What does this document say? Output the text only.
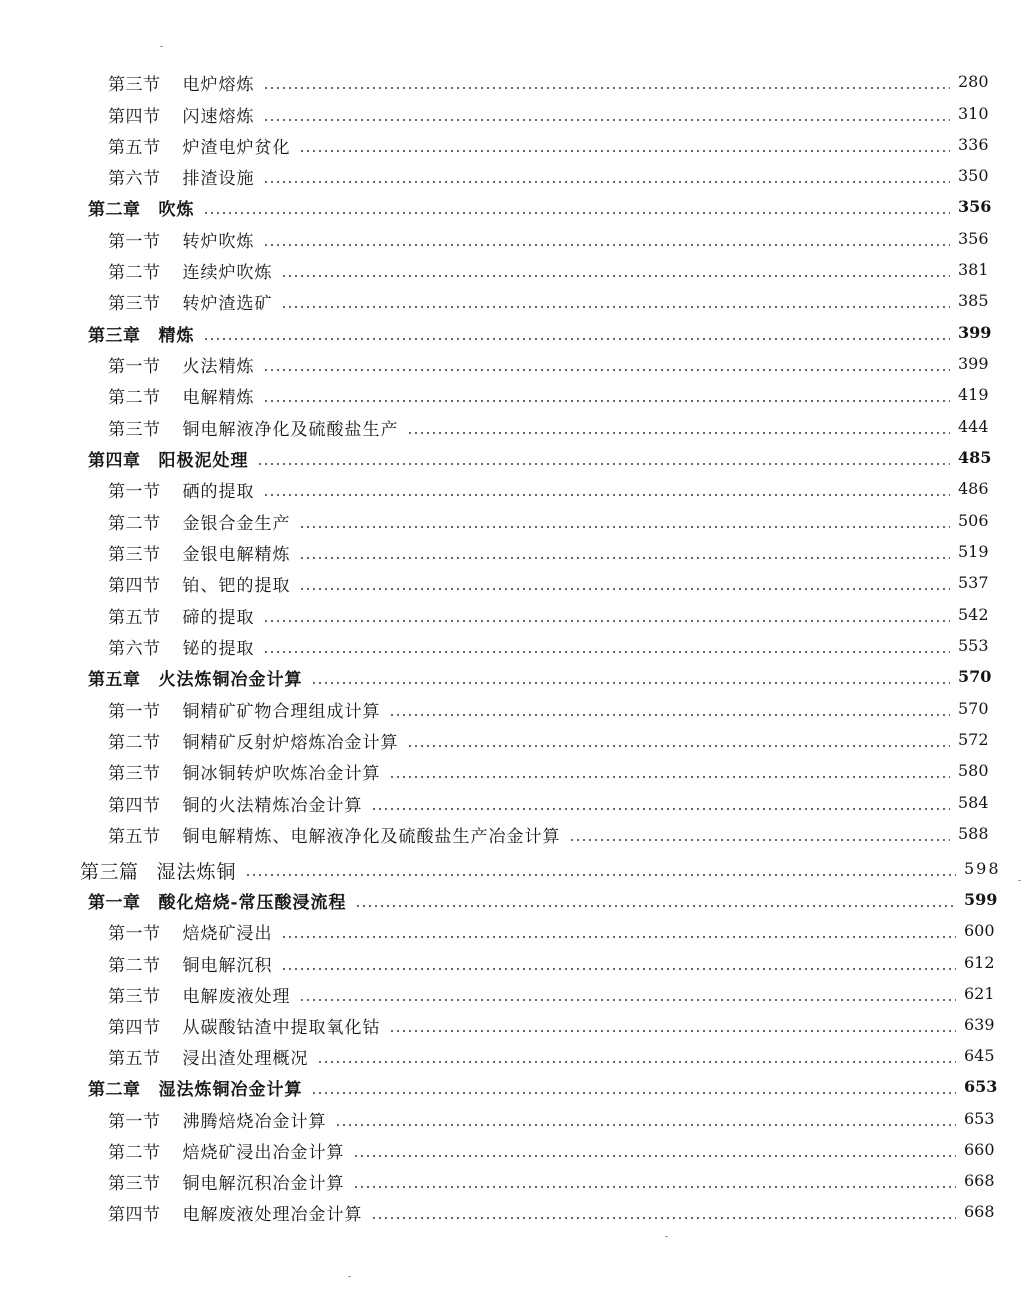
第三节 电炉熔炼	280
第四节 闪速熔炼	310
第五节 炉渣电炉贫化	336
第六节 排渣设施	350
第二章 吹炼	356
第一节 转炉吹炼	356
第二节 连续炉吹炼	381
第三节 转炉渣选矿	385
第三章 精炼	399
第一节 火法精炼	399
第二节 电解精炼	419
第三节 铜电解液净化及硫酸盐生产	444
第四章 阳极泥处理	485
第一节 硒的提取	486
第二节 金银合金生产	506
第三节 金银电解精炼	519
第四节 铂、钯的提取	537
第五节 碲的提取	542
第六节 铋的提取	553
第五章 火法炼铜冶金计算	570
第一节 铜精矿矿物合理组成计算	570
第二节 铜精矿反射炉熔炼冶金计算	572
第三节 铜冰铜转炉吹炼冶金计算	580
第四节 铜的火法精炼冶金计算	584
第五节 铜电解精炼、电解液净化及硫酸盐生产冶金计算	588
第三篇 湿法炼铜	598
第一章 酸化焙烧-常压酸浸流程	599
第一节 焙烧矿浸出	600
第二节 铜电解沉积	612
第三节 电解废液处理	621
第四节 从碳酸钴渣中提取氧化钴	639
第五节 浸出渣处理概况	645
第二章 湿法炼铜冶金计算	653
第一节 沸腾焙烧冶金计算	653
第二节 焙烧矿浸出冶金计算	660
第三节 铜电解沉积冶金计算	668
第四节 电解废液处理冶金计算	668
